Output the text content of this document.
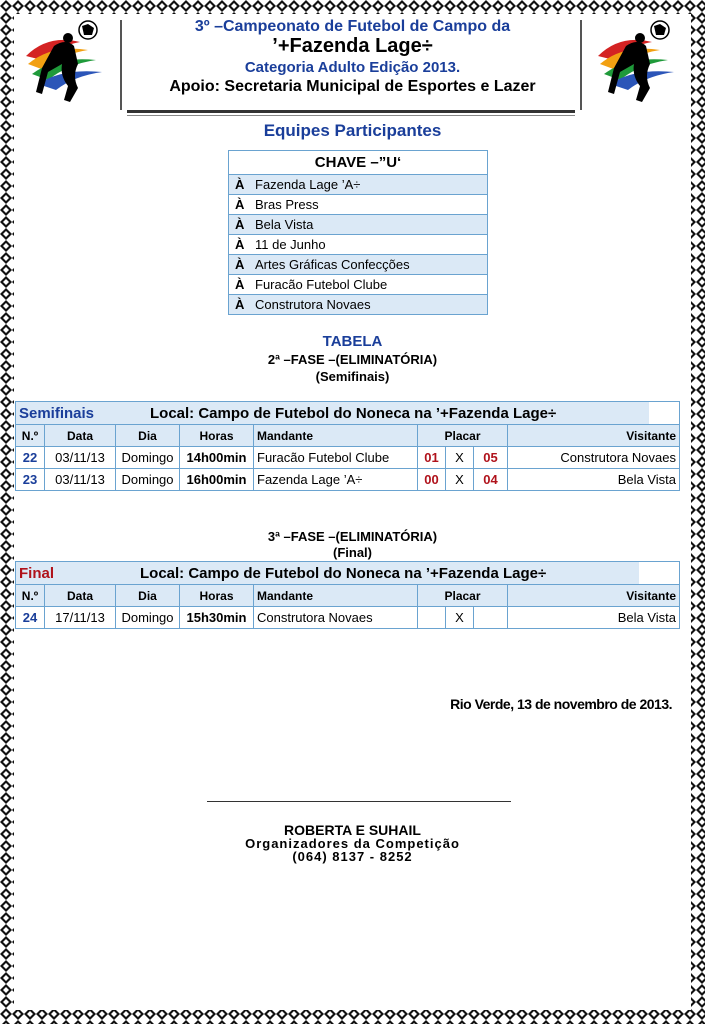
3º –Campeonato de Futebol de Campo da
’+Fazenda Lage÷
Categoria Adulto Edição 2013.
Apoio: Secretaria Municipal de Esportes e Lazer
Equipes Participantes
CHAVE –”U‘
À Fazenda Lage ’A÷
À Bras Press
À Bela Vista
À 11 de Junho
À Artes Gráficas Confecções
À Furacão Futebol Clube
À Construtora Novaes
TABELA
2ª –FASE –(ELIMINATÓRIA)
(Semifinais)
Semifinais	Local: Campo de Futebol do Noneca na ’+Fazenda Lage÷
N.º	Data	Dia	Horas	Mandante	Placar	Visitante
22	03/11/13	Domingo	14h00min	Furacão Futebol Clube	01	X	05	Construtora Novaes
23	03/11/13	Domingo	16h00min	Fazenda Lage ’A÷	00	X	04	Bela Vista
3ª –FASE –(ELIMINATÓRIA)
(Final)
Final	Local: Campo de Futebol do Noneca na ’+Fazenda Lage÷
N.º	Data	Dia	Horas	Mandante	Placar	Visitante
24	17/11/13	Domingo	15h30min	Construtora Novaes		X		Bela Vista
Rio Verde, 13 de novembro de 2013.
ROBERTA E SUHAIL
Organizadores da Competição
(064) 8137 - 8252
